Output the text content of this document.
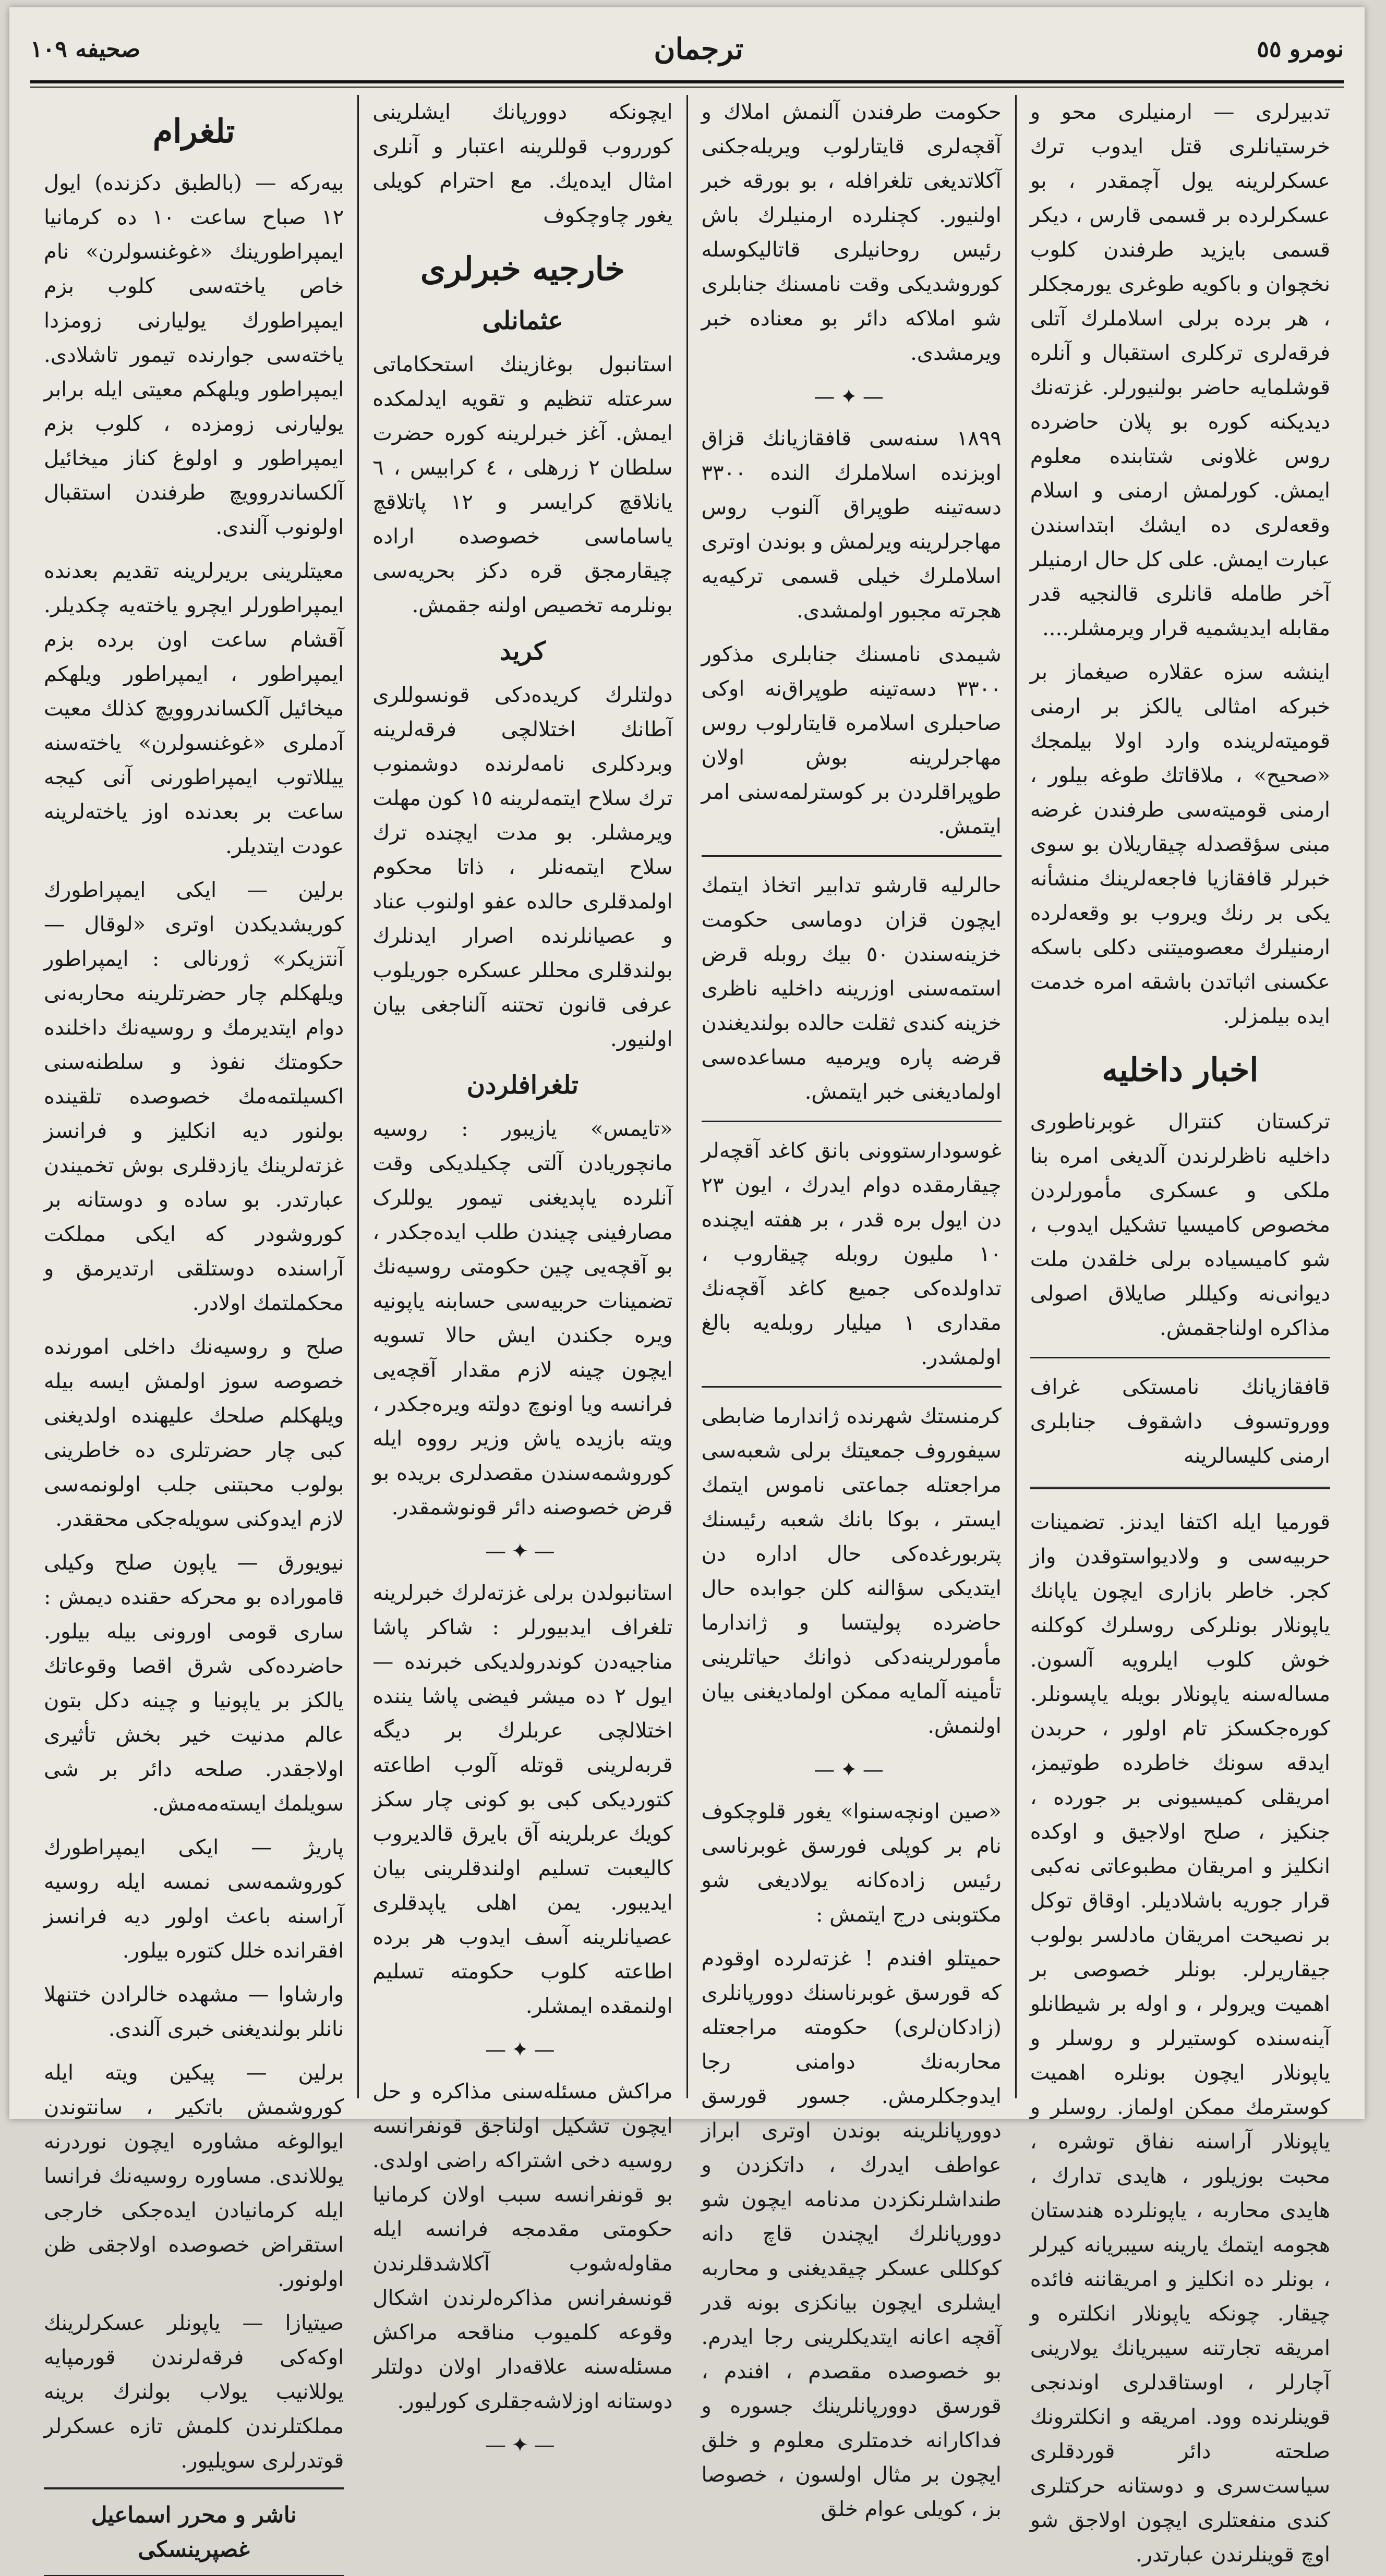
نومرو ٥٥
ترجمان
صحیفه ١٠٩

تدبیرلری — ارمنیلری محو و خرستیانلری قتل ایدوب ترك عسکرلرینه یول آچمقدر ، بو عسکرلرده بر قسمی قارس ، دیکر قسمی بایزید طرفندن کلوب نخچوان و باکویه طوغری یورمجکلر ، هر برده برلی اسلاملرك آتلی فرقه‌لری ترکلری استقبال و آنلره قوشلمایه حاضر بولنیورلر. غزته‌نك دیدیکنه کوره بو پلان حاضرده روس غلاونی شتابنده معلوم ایمش. کورلمش ارمنی و اسلام وقعه‌لری ده ایشك ابتداسندن عبارت ایمش. علی کل حال ارمنیلر آخر طامله قانلری قالنجیه قدر مقابله ایدیشمیه قرار ویرمشلر....

اینشه سزه عقلاره صیغماز بر خبرکه امثالی یالکز بر ارمنی قومیته‌لرینده وارد اولا بیلمجك «صحیح» ، ملاقاتك طوغه بیلور ، ارمنی قومیته‌سی طرفندن غرضه مبنی سؤقصدله چیقاریلان بو سوی خبرلر قافقازیا فاجعه‌لرینك منشأ‌نه یکی بر رنك ویروب بو وقعه‌لرده ارمنیلرك معصومیتنی دکلی باسکه عکسنی اثباتدن باشقه امره خدمت ایده بیلمزلر.

اخبار داخلیه

ترکستان کنترال غوبرناطوری داخلیه ناظرلرندن آلدیغی امره بنا ملکی و عسکری مأمورلردن مخصوص کامیسیا تشکیل ایدوب ، شو کامیسیاده برلی خلقدن ملت دیوانی‌نه وکیللر صایلاق اصولی مذاکره اولناجقمش.

قافقازیانك نامستکی غراف ووروتسوف داشقوف جنابلری ارمنی کلیسالرینه

قورمیا ایله اکتفا ایدنز. تضمینات حربیه‌سی و ولادیواستوقدن واز کجر. خاطر بازاری ایچون یاپانك یاپونلار بونلرکی روسلرك کوکلنه خوش کلوب ایلرویه آلسون. مساله‌سنه یاپونلار بویله یاپسونلر. کوره‌جکسکز تام اولور ، حربدن ایدقه سونك خاطرده طوتیمز، امریقلی کمیسیونی بر جورده ، جنکیز ، صلح اولاجیق و اوکده انکلیز و امریقان مطبوعاتی نه‌کبی قرار جوریه باشلادیلر. اوقاق توکل بر نصیحت امریقان مادلسر بولوب جیقاریرلر. بونلر خصوصی بر اهمیت ویرولر ، و اوله بر شیطانلو آینه‌سنده کوستیرلر و روسلر و یاپونلار ایچون بونلره اهمیت کوسترمك ممکن اولماز. روسلر و یاپونلار آراسنه نفاق توشره ، محبت بوزیلور ، هایدی تدارك ، هایدی محاربه ، یاپونلرده هندستان هجومه ایتمك یارینه سیبریانه کیرلر ، بونلر ده انکلیز و امریقاننه فائده چیقار. چونکه یاپونلار انکلتره و امریقه تجارتنه سیبریانك یولارینی آچارلر ، اوستاقدلری اوندنجی قوینلرنده وود. امریقه و انکلترونك صلحته دائر قوردقلری سیاست‌سری و دوستانه حرکتلری کندی منفعتلری ایچون اولاجق شو اوچ قوینلرندن عبارتدر.

حکومت طرفندن آلنمش املاك و آقچه‌لری قایتارلوب ویریله‌جکنی آکلاتدیغی تلغرافله ، بو بورقه خبر اولنیور. کچنلرده ارمنیلرك باش رئیس روحانیلری قاتالیکوسله کوروشدیکی وقت نامسنك جنابلری شو املاکه دائر بو معناده خبر ویرمشدی.

—✦—

١٨٩٩ سنه‌سی قافقازیانك قزاق اوبزنده اسلاملرك النده ٣٣٠٠ دسه‌تینه طوپراق آلنوب روس مهاجرلرینه ویرلمش و بوندن اوتری اسلاملرك خیلی قسمی ترکیه‌یه هجرته مجبور اولمشدی.

شیمدی نامسنك جنابلری مذکور ٣٣٠٠ دسه‌تینه طوپراق‌نه اوکی صاحبلری اسلامره قایتارلوب روس مهاجرلرینه بوش اولان طوپراقلردن بر کوسترلمه‌سنی امر ایتمش.

حالرلیه قارشو تدابیر اتخاذ ایتمك ایچون قزان دوماسی حکومت خزینه‌سندن ٥٠ بیك روبله قرض استمه‌سنی اوزرینه داخلیه ناظری خزینه کندی ثقلت حالده بولندیغندن قرضه پاره ویرمیه مساعده‌سی اولمادیغنی خبر ایتمش.

غوسودارستوونی بانق کاغد آقچه‌لر چیقارمقده دوام ایدرك ، ایون ٢٣ دن ایول بره قدر ، بر هفته ایچنده ١٠ ملیون روبله چیقاروب ، تداولده‌کی جمیع کاغد آقچه‌نك مقداری ١ میلیار روبله‌یه بالغ اولمشدر.

کرمنستك شهرنده ژاندارما ضابطی سیفوروف جمعیتك برلی شعبه‌سی مراجعتله جماعتی ناموس ایتمك ایستر ، بوکا بانك شعبه رئیسنك پتربورغده‌کی حال اداره دن ایتدیکی سؤالنه کلن جوابده حال حاضرده پولیتسا و ژاندارما مأمورلرینه‌دکی ذوانك حیاتلرینی تأمینه آلمایه ممکن اولمادیغنی بیان اولنمش.

—✦—

«صین اونچه‌سنوا» یغور قلوچکوف نام بر کوپلی فورسق غوبرناسی رئیس زاده‌کانه یولادیغی شو مکتوبنی درج ایتمش :

حمیتلو افندم ! غزته‌لرده اوقودم که قورسق غوبرناسنك دوورپانلری (زادکان‌لری) حکومته مراجعتله محاربه‌نك دوامنی رجا ایدوجکلرمش. جسور قورسق دوورپانلرینه بوندن اوتری ابراز عواطف ایدرك ، داتکزدن و طنداشلرنکزدن مدنامه ایچون شو دوورپانلرك ایچندن قاچ دانه کوکللی عسکر چیقدیغنی و محاربه ایشلری ایچون بیانکزی بونه قدر آقچه اعانه ایتدیکلرینی رجا ایدرم. بو خصوصده مقصدم ، افندم ، قورسق دوورپانلرینك جسوره و فداکارانه خدمتلری معلوم و خلق ایچون بر مثال اولسون ، خصوصا بز ، کویلی عوام خلق

ایچونکه دوورپانك ایشلرینی کورروب قوللرینه اعتبار و آنلری امثال ایده‌یك. مع احترام کویلی یغور چاوچکوف

خارجیه خبرلری
عثمانلی

استانبول بوغازینك استحکاماتی سرعتله تنظیم و تقویه ایدلمکده ایمش. آغز خبرلرینه کوره حضرت سلطان ٢ زرهلی ، ٤ کرابیس ، ٦ یانلاقچ کرایسر و ١٢ پاتلاقچ یاساماسی خصوصده اراده چیقارمجق قره دکز بحریه‌سی بونلرمه تخصیص اولنه جقمش.

کرید

دولتلرك کریده‌دکی قونسوللری آطانك اختلالچی فرقه‌لرینه وبردکلری نامه‌لرنده دوشمنوب ترك سلاح ایتمه‌لرینه ١٥ کون مهلت ویرمشلر. بو مدت ایچنده ترك سلاح ایتمه‌نلر ، ذاتا محکوم اولمدقلری حالده عفو اولنوب عناد و عصیانلرنده اصرار ایدنلرك بولندقلری محللر عسکره جوریلوب عرفی قانون تحتنه آلناجغی بیان اولنیور.

تلغرافلردن

«تایمس» یازیبور : روسیه مانچوریادن آلتی چکیلدیکی وقت آنلرده یاپدیغنی تیمور یوللرک مصارفینی چیندن طلب ایده‌جکدر ، بو آقچه‌یی چین حکومتی روسیه‌نك تضمینات حربیه‌سی حسابنه یاپونیه ویره جکندن ایش حالا تسویه ایچون چینه لازم مقدار آقچه‌یی فرانسه ویا اونوچ دولته ویره‌جکدر ، ویته بازیده یاش وزیر رووه ایله کوروشمه‌سندن مقصدلری بریده بو قرض خصوصنه دائر قونوشمقدر.

—✦—

استانبولدن برلی غزته‌لرك خبرلرینه تلغراف ایدبیورلر : شاکر پاشا مناجیه‌دن کوندرولدیکی خبرنده — ایول ٢ ده میشر فیضی پاشا یننده اختلالچی عربلرك بر دیگه قربه‌لرینی قوتله آلوب اطاعته کتوردیکی کبی بو کونی چار سکز کویك عربلرینه آق بایرق قالدیروب کالیعبت تسلیم اولندقلرینی بیان ایدیبور. یمن اهلی یاپدقلری عصیانلرینه آسف ایدوب هر برده اطاعته کلوب حکومته تسلیم اولنمقده ایمشلر.

—✦—

مراکش مسئله‌سنی مذاکره و حل ایچون تشکیل اولناجق قونفرانسه روسیه دخی اشتراکه راضی اولدی. بو قونفرانسه سبب اولان کرمانیا حکومتی مقدمجه فرانسه ایله مقاوله‌شوب آکلاشدقلرندن قونسفرانس مذاکره‌لرندن اشکال وقوعه کلمیوب مناقحه مراکش مسئله‌سنه علاقه‌دار اولان دولتلر دوستانه اوزلاشه‌جقلری کورلیور.

—✦—
تلغرام

بیه‌رکه — (بالطبق دکزنده) ایول ١٢ صباح ساعت ١٠ ده کرمانیا ایمپراطورینك «غوغنسولرن» نام خاص یاخته‌سی کلوب بزم ایمپراطورك یولیارنی زومزدا یاخته‌سی جوارنده تیمور تاشلادی. ایمپراطور ویلهکم معیتی ایله برابر یولیارنی زومزده ، کلوب بزم ایمپراطور و اولوغ کناز میخائیل آلکساندروویچ طرفندن استقبال اولونوب آلندی.

معیتلرینی بریرلرینه تقدیم بعدنده ایمپراطورلر ایچرو یاخته‌یه چکدیلر. آقشام ساعت اون برده بزم ایمپراطور ، ایمپراطور ویلهکم میخائیل آلکساندروویچ کذلك معیت آدملری «غوغنسولرن» یاخته‌سنه ییللاتوب ایمپراطورنی آنی کیجه ساعت بر بعدنده اوز یاخته‌لرینه عودت ایتدیلر.

برلین — ایکی ایمپراطورك کوریشدیکدن اوتری «لوقال — آنتزیکر» ژورنالی : ایمپراطور ویلهکلم چار حضرتلرینه محاربه‌نی دوام ایتدیرمك و روسیه‌نك داخلنده حکومتك نفوذ و سلطنه‌سنی اکسیلتمه‌مك خصوصده تلقینده بولنور دیه انکلیز و فرانسز غزته‌لرینك یازدقلری بوش تخمیندن عبارتدر. بو ساده و دوستانه بر کوروشودر که ایکی مملکت آراسنده دوستلقی ارتدیرمق و محکملتمك اولادر.

صلح و روسیه‌نك داخلی امورنده خصوصه سوز اولمش ایسه بیله ویلهکلم صلحك علیهنده اولدیغنی کبی چار حضرتلری ده خاطرینی بولوب محبتنی جلب اولونمه‌سی لازم ایدوکنی سویله‌جکی محققدر.

نیویورق — یاپون صلح وکیلی قاموراده بو محرکه حقنده دیمش : ساری قومی اورونی بیله بیلور. حاضرده‌کی شرق اقصا وقوعاتك یالکز بر یاپونیا و چینه دکل بتون عالم مدنیت خیر بخش تأثیری اولاجقدر. صلحه دائر بر شی سویلمك ایسته‌مه‌مش.

پاریژ — ایکی ایمپراطورك کوروشمه‌سی نمسه ایله روسیه آراسنه باعث اولور دیه فرانسز افقرانده خلل کتوره بیلور.

وارشاوا — مشهده خالرادن ختنهلا نانلر بولندیغنی خبری آلندی.

برلین — پیکین ویته ایله کوروشمش باتکیر ، سانتوندن ایوالوغه مشاوره ایچون نوردرنه یوللاندی. مساوره روسیه‌نك فرانسا ایله کرمانیادن ایده‌جکی خارجی استقراض خصوصده اولاجقی ظن اولونور.

صیتیازا — یاپونلر عسکرلرینك اوکه‌کی فرقه‌لرندن قورمپایه یوللانیب یولاب بولنرك برینه مملکتلرندن کلمش تازه عسکرلر قوتدرلری سویلیور.

ناشر و محرر اسماعیل غصپرینسکی
